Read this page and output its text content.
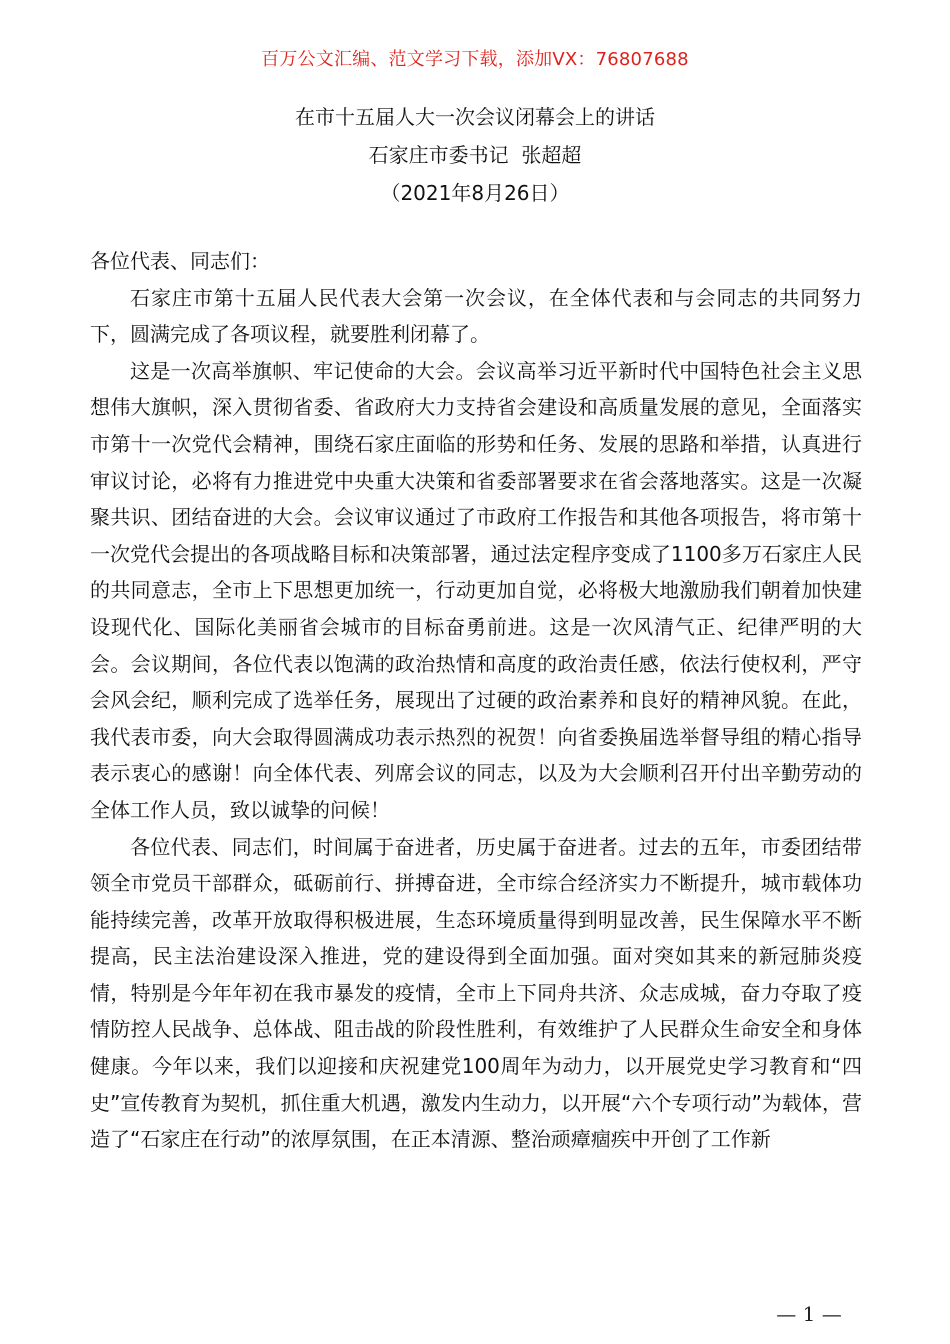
百万公文汇编、范文学习下载，添加VX：76807688
在市十五届人大一次会议闭幕会上的讲话
石家庄市委书记  张超超
（2021年8月26日）

各位代表、同志们：

石家庄市第十五届人民代表大会第一次会议，在全体代表和与会同志的共同努力下，圆满完成了各项议程，就要胜利闭幕了。

这是一次高举旗帜、牢记使命的大会。会议高举习近平新时代中国特色社会主义思想伟大旗帜，深入贯彻省委、省政府大力支持省会建设和高质量发展的意见，全面落实市第十一次党代会精神，围绕石家庄面临的形势和任务、发展的思路和举措，认真进行审议讨论，必将有力推进党中央重大决策和省委部署要求在省会落地落实。这是一次凝聚共识、团结奋进的大会。会议审议通过了市政府工作报告和其他各项报告，将市第十一次党代会提出的各项战略目标和决策部署，通过法定程序变成了1100多万石家庄人民的共同意志，全市上下思想更加统一，行动更加自觉，必将极大地激励我们朝着加快建设现代化、国际化美丽省会城市的目标奋勇前进。这是一次风清气正、纪律严明的大会。会议期间，各位代表以饱满的政治热情和高度的政治责任感，依法行使权利，严守会风会纪，顺利完成了选举任务，展现出了过硬的政治素养和良好的精神风貌。在此，我代表市委，向大会取得圆满成功表示热烈的祝贺！向省委换届选举督导组的精心指导表示衷心的感谢！向全体代表、列席会议的同志，以及为大会顺利召开付出辛勤劳动的全体工作人员，致以诚挚的问候！

各位代表、同志们，时间属于奋进者，历史属于奋进者。过去的五年，市委团结带领全市党员干部群众，砥砺前行、拼搏奋进，全市综合经济实力不断提升，城市载体功能持续完善，改革开放取得积极进展，生态环境质量得到明显改善，民生保障水平不断提高，民主法治建设深入推进，党的建设得到全面加强。面对突如其来的新冠肺炎疫情，特别是今年年初在我市暴发的疫情，全市上下同舟共济、众志成城，奋力夺取了疫情防控人民战争、总体战、阻击战的阶段性胜利，有效维护了人民群众生命安全和身体健康。今年以来，我们以迎接和庆祝建党100周年为动力，以开展党史学习教育和“四史”宣传教育为契机，抓住重大机遇，激发内生动力，以开展“六个专项行动”为载体，营造了“石家庄在行动”的浓厚氛围，在正本清源、整治顽瘴痼疾中开创了工作新

— 1 —
